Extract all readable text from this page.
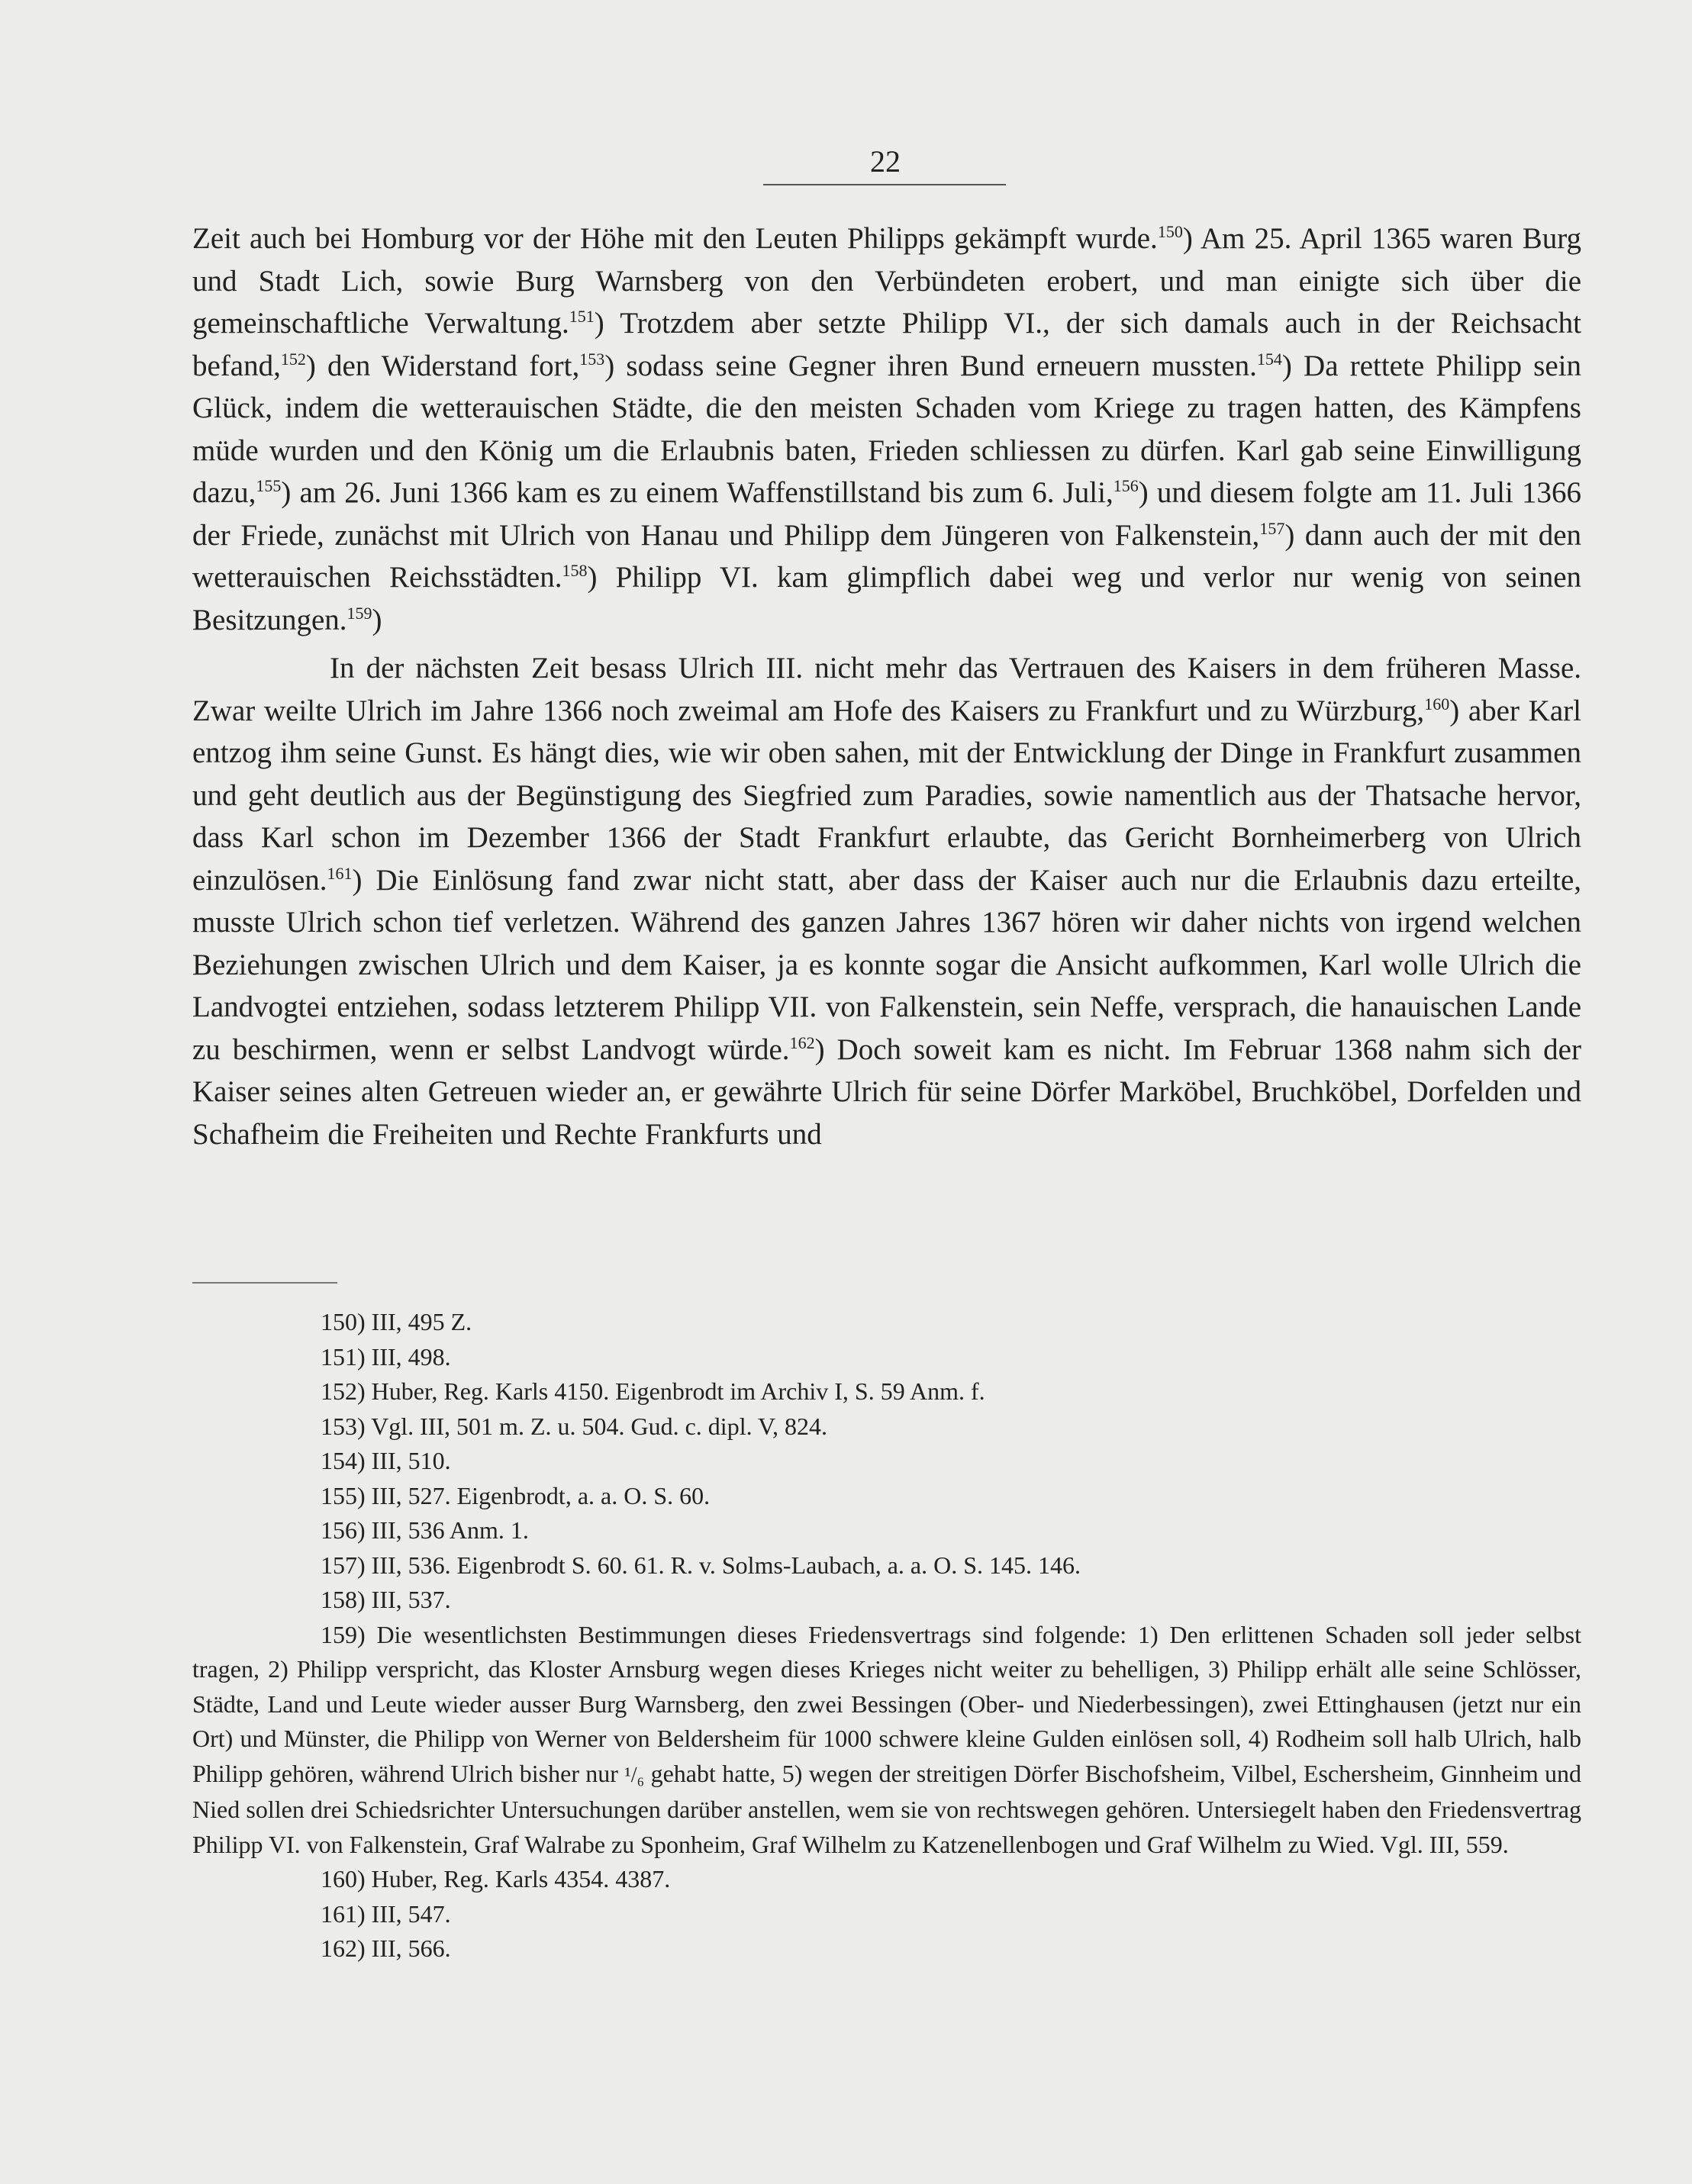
22

Zeit auch bei Homburg vor der Höhe mit den Leuten Philipps gekämpft wurde.$^{150}$) Am 25. April 1365 waren Burg und Stadt Lich, sowie Burg Warnsberg von den Verbündeten erobert, und man einigte sich über die gemeinschaftliche Verwaltung.$^{151}$) Trotzdem aber setzte Philipp VI., der sich damals auch in der Reichsacht befand,$^{152}$) den Widerstand fort,$^{153}$) sodass seine Gegner ihren Bund erneuern mussten.$^{154}$) Da rettete Philipp sein Glück, indem die wetterauischen Städte, die den meisten Schaden vom Kriege zu tragen hatten, des Kämpfens müde wurden und den König um die Erlaubnis baten, Frieden schliessen zu dürfen. Karl gab seine Einwilligung dazu,$^{155}$) am 26. Juni 1366 kam es zu einem Waffenstillstand bis zum 6. Juli,$^{156}$) und diesem folgte am 11. Juli 1366 der Friede, zunächst mit Ulrich von Hanau und Philipp dem Jüngeren von Falkenstein,$^{157}$) dann auch der mit den wetterauischen Reichsstädten.$^{158}$) Philipp VI. kam glimpflich dabei weg und verlor nur wenig von seinen Besitzungen.$^{159}$)

In der nächsten Zeit besass Ulrich III. nicht mehr das Vertrauen des Kaisers in dem früheren Masse. Zwar weilte Ulrich im Jahre 1366 noch zweimal am Hofe des Kaisers zu Frankfurt und zu Würzburg,$^{160}$) aber Karl entzog ihm seine Gunst. Es hängt dies, wie wir oben sahen, mit der Entwicklung der Dinge in Frankfurt zusammen und geht deutlich aus der Begünstigung des Siegfried zum Paradies, sowie namentlich aus der Thatsache hervor, dass Karl schon im Dezember 1366 der Stadt Frankfurt erlaubte, das Gericht Bornheimerberg von Ulrich einzulösen.$^{161}$) Die Einlösung fand zwar nicht statt, aber dass der Kaiser auch nur die Erlaubnis dazu erteilte, musste Ulrich schon tief verletzen. Während des ganzen Jahres 1367 hören wir daher nichts von irgend welchen Beziehungen zwischen Ulrich und dem Kaiser, ja es konnte sogar die Ansicht aufkommen, Karl wolle Ulrich die Landvogtei entziehen, sodass letzterem Philipp VII. von Falkenstein, sein Neffe, versprach, die hanauischen Lande zu beschirmen, wenn er selbst Landvogt würde.$^{162}$) Doch soweit kam es nicht. Im Februar 1368 nahm sich der Kaiser seines alten Getreuen wieder an, er gewährte Ulrich für seine Dörfer Marköbel, Bruchköbel, Dorfelden und Schafheim die Freiheiten und Rechte Frankfurts und

150) III, 495 Z.
151) III, 498.
152) Huber, Reg. Karls 4150. Eigenbrodt im Archiv I, S. 59 Anm. f.
153) Vgl. III, 501 m. Z. u. 504. Gud. c. dipl. V, 824.
154) III, 510.
155) III, 527. Eigenbrodt, a. a. O. S. 60.
156) III, 536 Anm. 1.
157) III, 536. Eigenbrodt S. 60. 61. R. v. Solms-Laubach, a. a. O. S. 145. 146.
158) III, 537.
159) Die wesentlichsten Bestimmungen dieses Friedensvertrags sind folgende: 1) Den erlittenen Schaden soll jeder selbst tragen, 2) Philipp verspricht, das Kloster Arnsburg wegen dieses Krieges nicht weiter zu behelligen, 3) Philipp erhält alle seine Schlösser, Städte, Land und Leute wieder ausser Burg Warnsberg, den zwei Bessingen (Ober- und Niederbessingen), zwei Ettinghausen (jetzt nur ein Ort) und Münster, die Philipp von Werner von Beldersheim für 1000 schwere kleine Gulden einlösen soll, 4) Rodheim soll halb Ulrich, halb Philipp gehören, während Ulrich bisher nur ¹/₆ gehabt hatte, 5) wegen der streitigen Dörfer Bischofsheim, Vilbel, Eschersheim, Ginnheim und Nied sollen drei Schiedsrichter Untersuchungen darüber anstellen, wem sie von rechtswegen gehören. Untersiegelt haben den Friedensvertrag Philipp VI. von Falkenstein, Graf Walrabe zu Sponheim, Graf Wilhelm zu Katzenellenbogen und Graf Wilhelm zu Wied. Vgl. III, 559.
160) Huber, Reg. Karls 4354. 4387.
161) III, 547.
162) III, 566.
